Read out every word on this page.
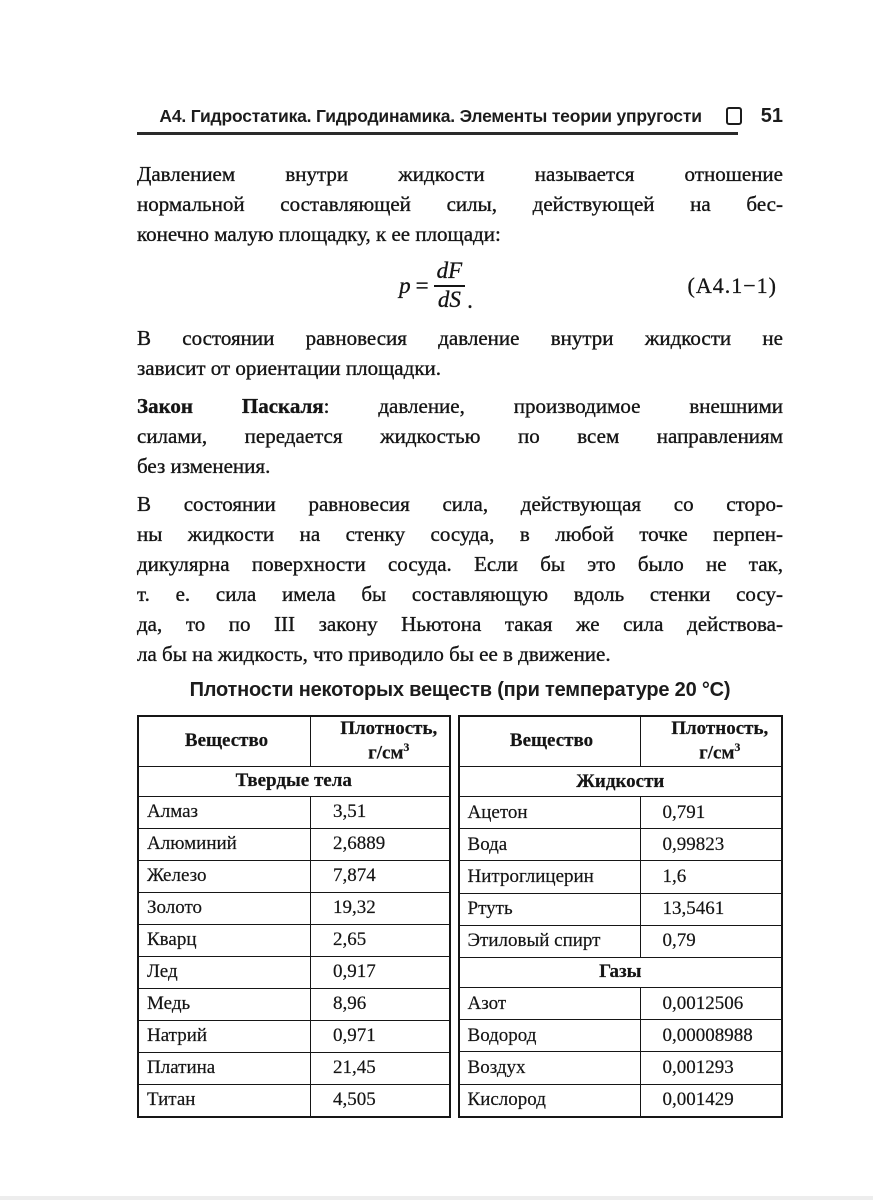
А4. Гидростатика. Гидродинамика. Элементы теории упругости	51
Давлением внутри жидкости называется отношение
нормальной составляющей силы, действующей на бес-
конечно малую площадку, к ее площади:
$p = \frac{dF}{dS}$ .
(А4.1−1)
В состоянии равновесия давление внутри жидкости не
зависит от ориентации площадки.
Закон Паскаля: давление, производимое внешними
силами, передается жидкостью по всем направлениям
без изменения.
В состоянии равновесия сила, действующая со сторо-
ны жидкости на стенку сосуда, в любой точке перпен-
дикулярна поверхности сосуда. Если бы это было не так,
т. е. сила имела бы составляющую вдоль стенки сосу-
да, то по III закону Ньютона такая же сила действова-
ла бы на жидкость, что приводило бы ее в движение.
Плотности некоторых веществ (при температуре 20 °С)
Вещество	Плотность,
$г/см^3$
Твердые тела	
Алмаз	3,51
Алюминий	2,6889
Железо	7,874
Золото	19,32
Кварц	2,65
Лед	0,917
Медь	8,96
Натрий	0,971
Платина	21,45
Титан	4,505
Вещество	Плотность,
$г/см^3$
Жидкости	
Ацетон	0,791
Вода	0,99823
Нитроглицерин	1,6
Ртуть	13,5461
Этиловый спирт	0,79
Газы	
Азот	0,0012506
Водород	0,00008988
Воздух	0,001293
Кислород	0,001429
